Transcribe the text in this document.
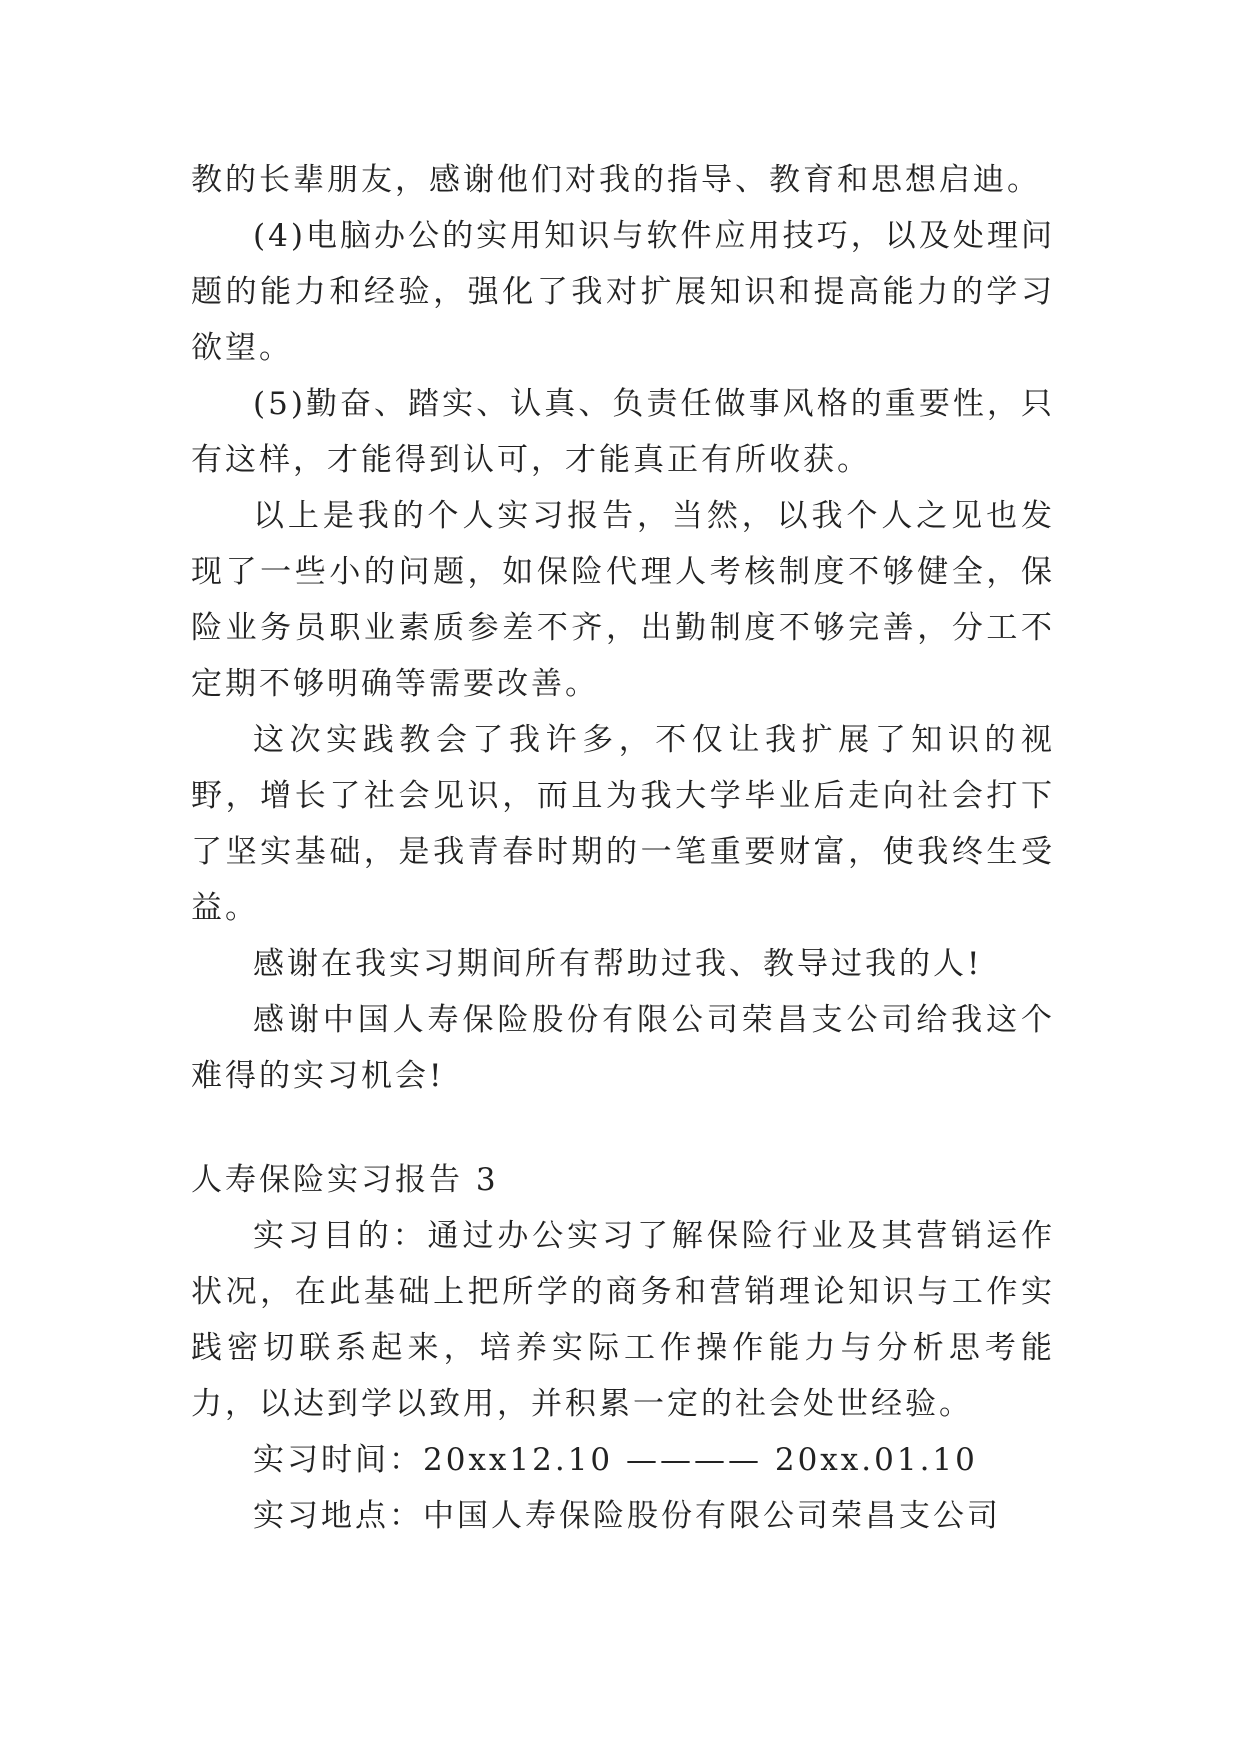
教的长辈朋友，感谢他们对我的指导、教育和思想启迪。

(4)电脑办公的实用知识与软件应用技巧，以及处理问题的能力和经验，强化了我对扩展知识和提高能力的学习欲望。

(5)勤奋、踏实、认真、负责任做事风格的重要性，只有这样，才能得到认可，才能真正有所收获。

以上是我的个人实习报告，当然，以我个人之见也发现了一些小的问题，如保险代理人考核制度不够健全，保险业务员职业素质参差不齐，出勤制度不够完善，分工不定期不够明确等需要改善。

这次实践教会了我许多，不仅让我扩展了知识的视野，增长了社会见识，而且为我大学毕业后走向社会打下了坚实基础，是我青春时期的一笔重要财富，使我终生受益。

感谢在我实习期间所有帮助过我、教导过我的人!

感谢中国人寿保险股份有限公司荣昌支公司给我这个难得的实习机会!

人寿保险实习报告 3

实习目的：通过办公实习了解保险行业及其营销运作状况，在此基础上把所学的商务和营销理论知识与工作实践密切联系起来，培养实际工作操作能力与分析思考能力，以达到学以致用，并积累一定的社会处世经验。

实习时间：20xx12.10 ———— 20xx.01.10

实习地点：中国人寿保险股份有限公司荣昌支公司
